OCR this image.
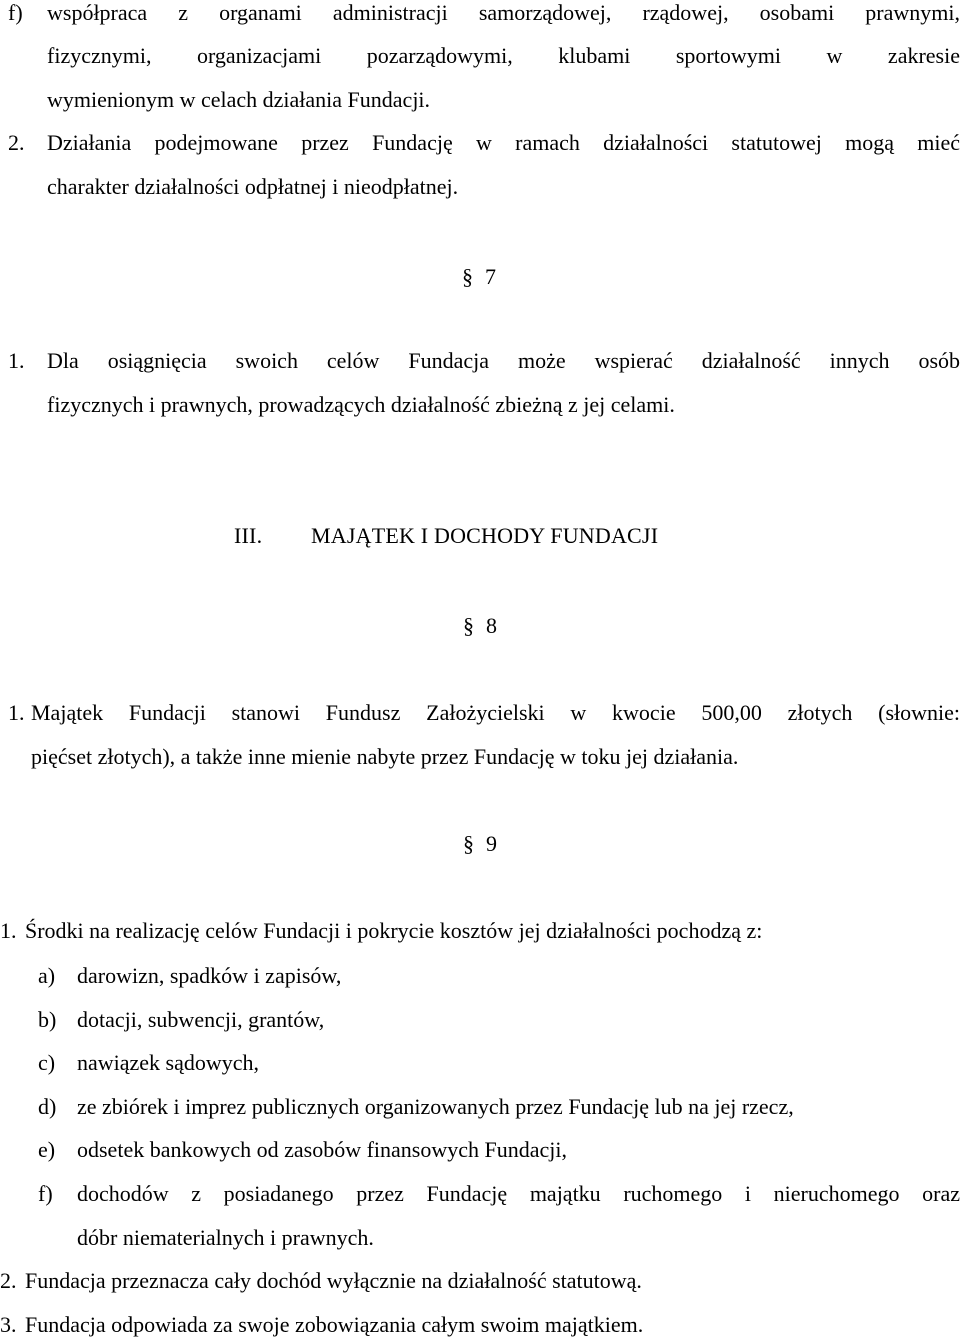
f) współpraca z organami administracji samorządowej, rządowej, osobami prawnymi,
fizycznymi, organizacjami pozarządowymi, klubami sportowymi w zakresie
wymienionym w celach działania Fundacji.
2. Działania podejmowane przez Fundację w ramach działalności statutowej mogą mieć
charakter działalności odpłatnej i nieodpłatnej.
§ 7
1. Dla osiągnięcia swoich celów Fundacja może wspierać działalność innych osób
fizycznych i prawnych, prowadzących działalność zbieżną z jej celami.
III. MAJĄTEK I DOCHODY FUNDACJI
§ 8
1. Majątek Fundacji stanowi Fundusz Założycielski w kwocie 500,00 złotych (słownie:
pięćset złotych), a także inne mienie nabyte przez Fundację w toku jej działania.
§ 9
1. Środki na realizację celów Fundacji i pokrycie kosztów jej działalności pochodzą z:
a) darowizn, spadków i zapisów,
b) dotacji, subwencji, grantów,
c) nawiązek sądowych,
d) ze zbiórek i imprez publicznych organizowanych przez Fundację lub na jej rzecz,
e) odsetek bankowych od zasobów finansowych Fundacji,
f) dochodów z posiadanego przez Fundację majątku ruchomego i nieruchomego oraz
dóbr niematerialnych i prawnych.
2. Fundacja przeznacza cały dochód wyłącznie na działalność statutową.
3. Fundacja odpowiada za swoje zobowiązania całym swoim majątkiem.
